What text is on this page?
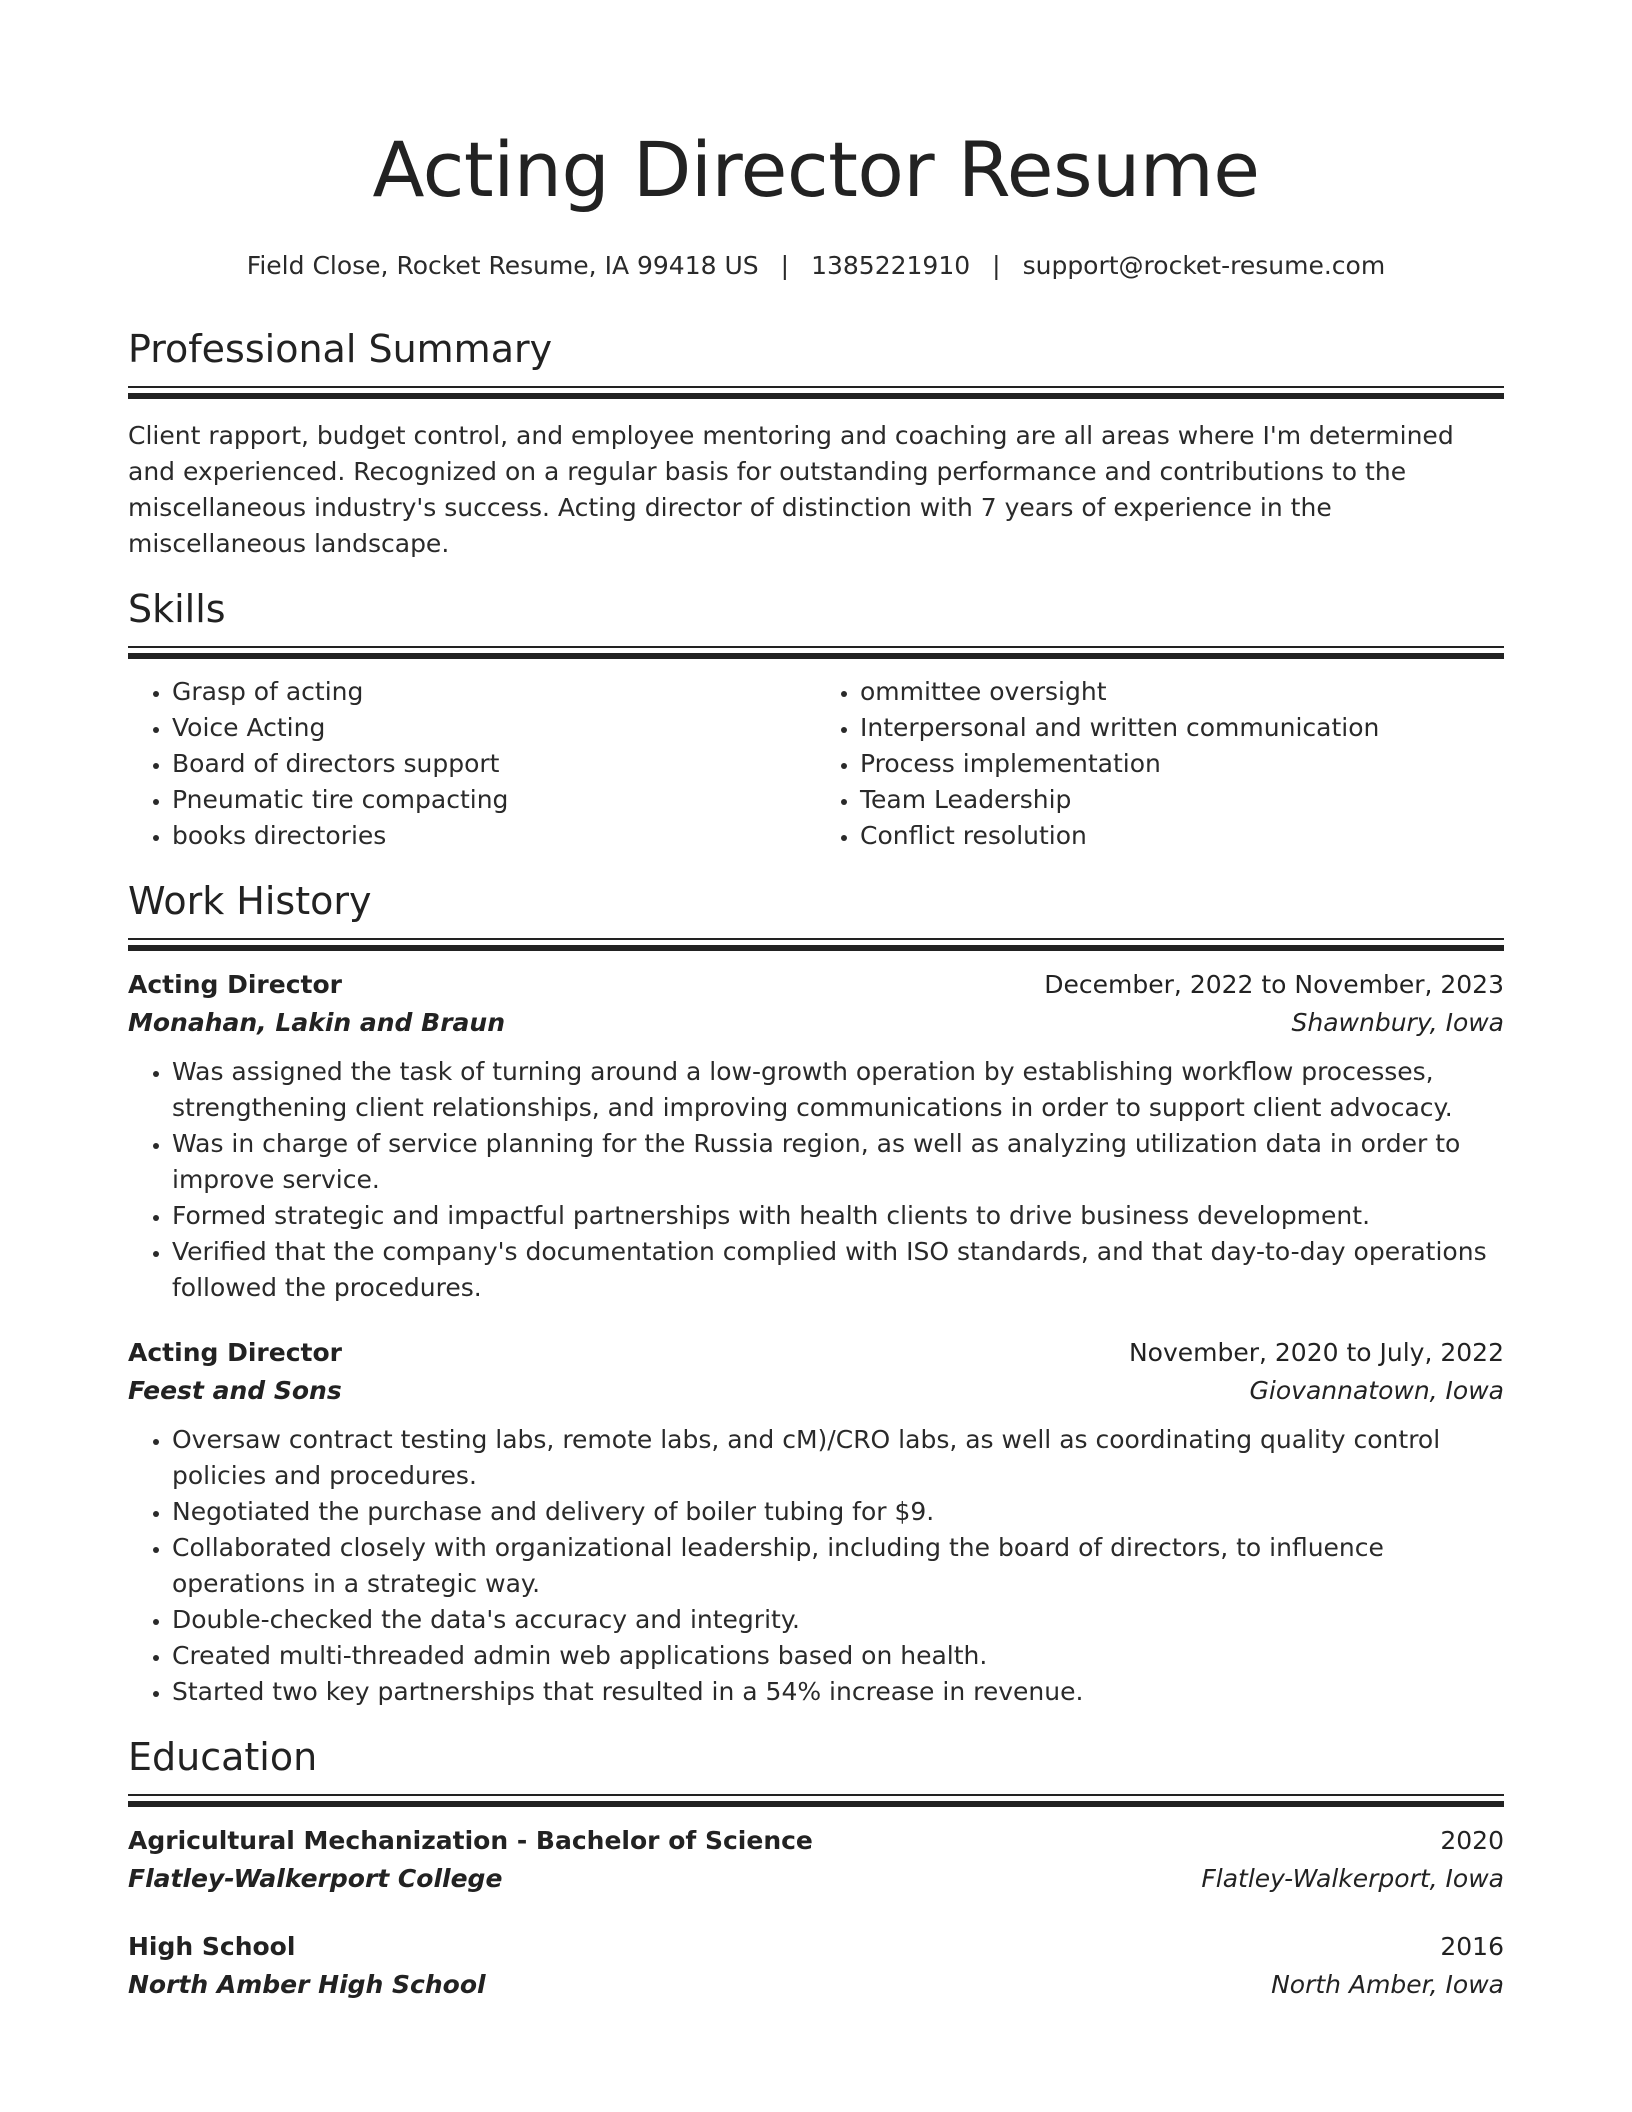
Acting Director Resume
Field Close, Rocket Resume, IA 99418 US | 1385221910 | support@rocket-resume.com
Professional Summary
Client rapport, budget control, and employee mentoring and coaching are all areas where I'm determined and experienced. Recognized on a regular basis for outstanding performance and contributions to the miscellaneous industry's success. Acting director of distinction with 7 years of experience in the miscellaneous landscape.
Skills
• Grasp of acting
• Voice Acting
• Board of directors support
• Pneumatic tire compacting
• books directories
• ommittee oversight
• Interpersonal and written communication
• Process implementation
• Team Leadership
• Conflict resolution
Work History
Acting Director	December, 2022 to November, 2023
Monahan, Lakin and Braun	Shawnbury, Iowa
• Was assigned the task of turning around a low-growth operation by establishing workflow processes, strengthening client relationships, and improving communications in order to support client advocacy.
• Was in charge of service planning for the Russia region, as well as analyzing utilization data in order to improve service.
• Formed strategic and impactful partnerships with health clients to drive business development.
• Verified that the company's documentation complied with ISO standards, and that day-to-day operations followed the procedures.
Acting Director	November, 2020 to July, 2022
Feest and Sons	Giovannatown, Iowa
• Oversaw contract testing labs, remote labs, and cM)/CRO labs, as well as coordinating quality control policies and procedures.
• Negotiated the purchase and delivery of boiler tubing for $9.
• Collaborated closely with organizational leadership, including the board of directors, to influence operations in a strategic way.
• Double-checked the data's accuracy and integrity.
• Created multi-threaded admin web applications based on health.
• Started two key partnerships that resulted in a 54% increase in revenue.
Education
Agricultural Mechanization - Bachelor of Science	2020
Flatley-Walkerport College	Flatley-Walkerport, Iowa
High School	2016
North Amber High School	North Amber, Iowa
